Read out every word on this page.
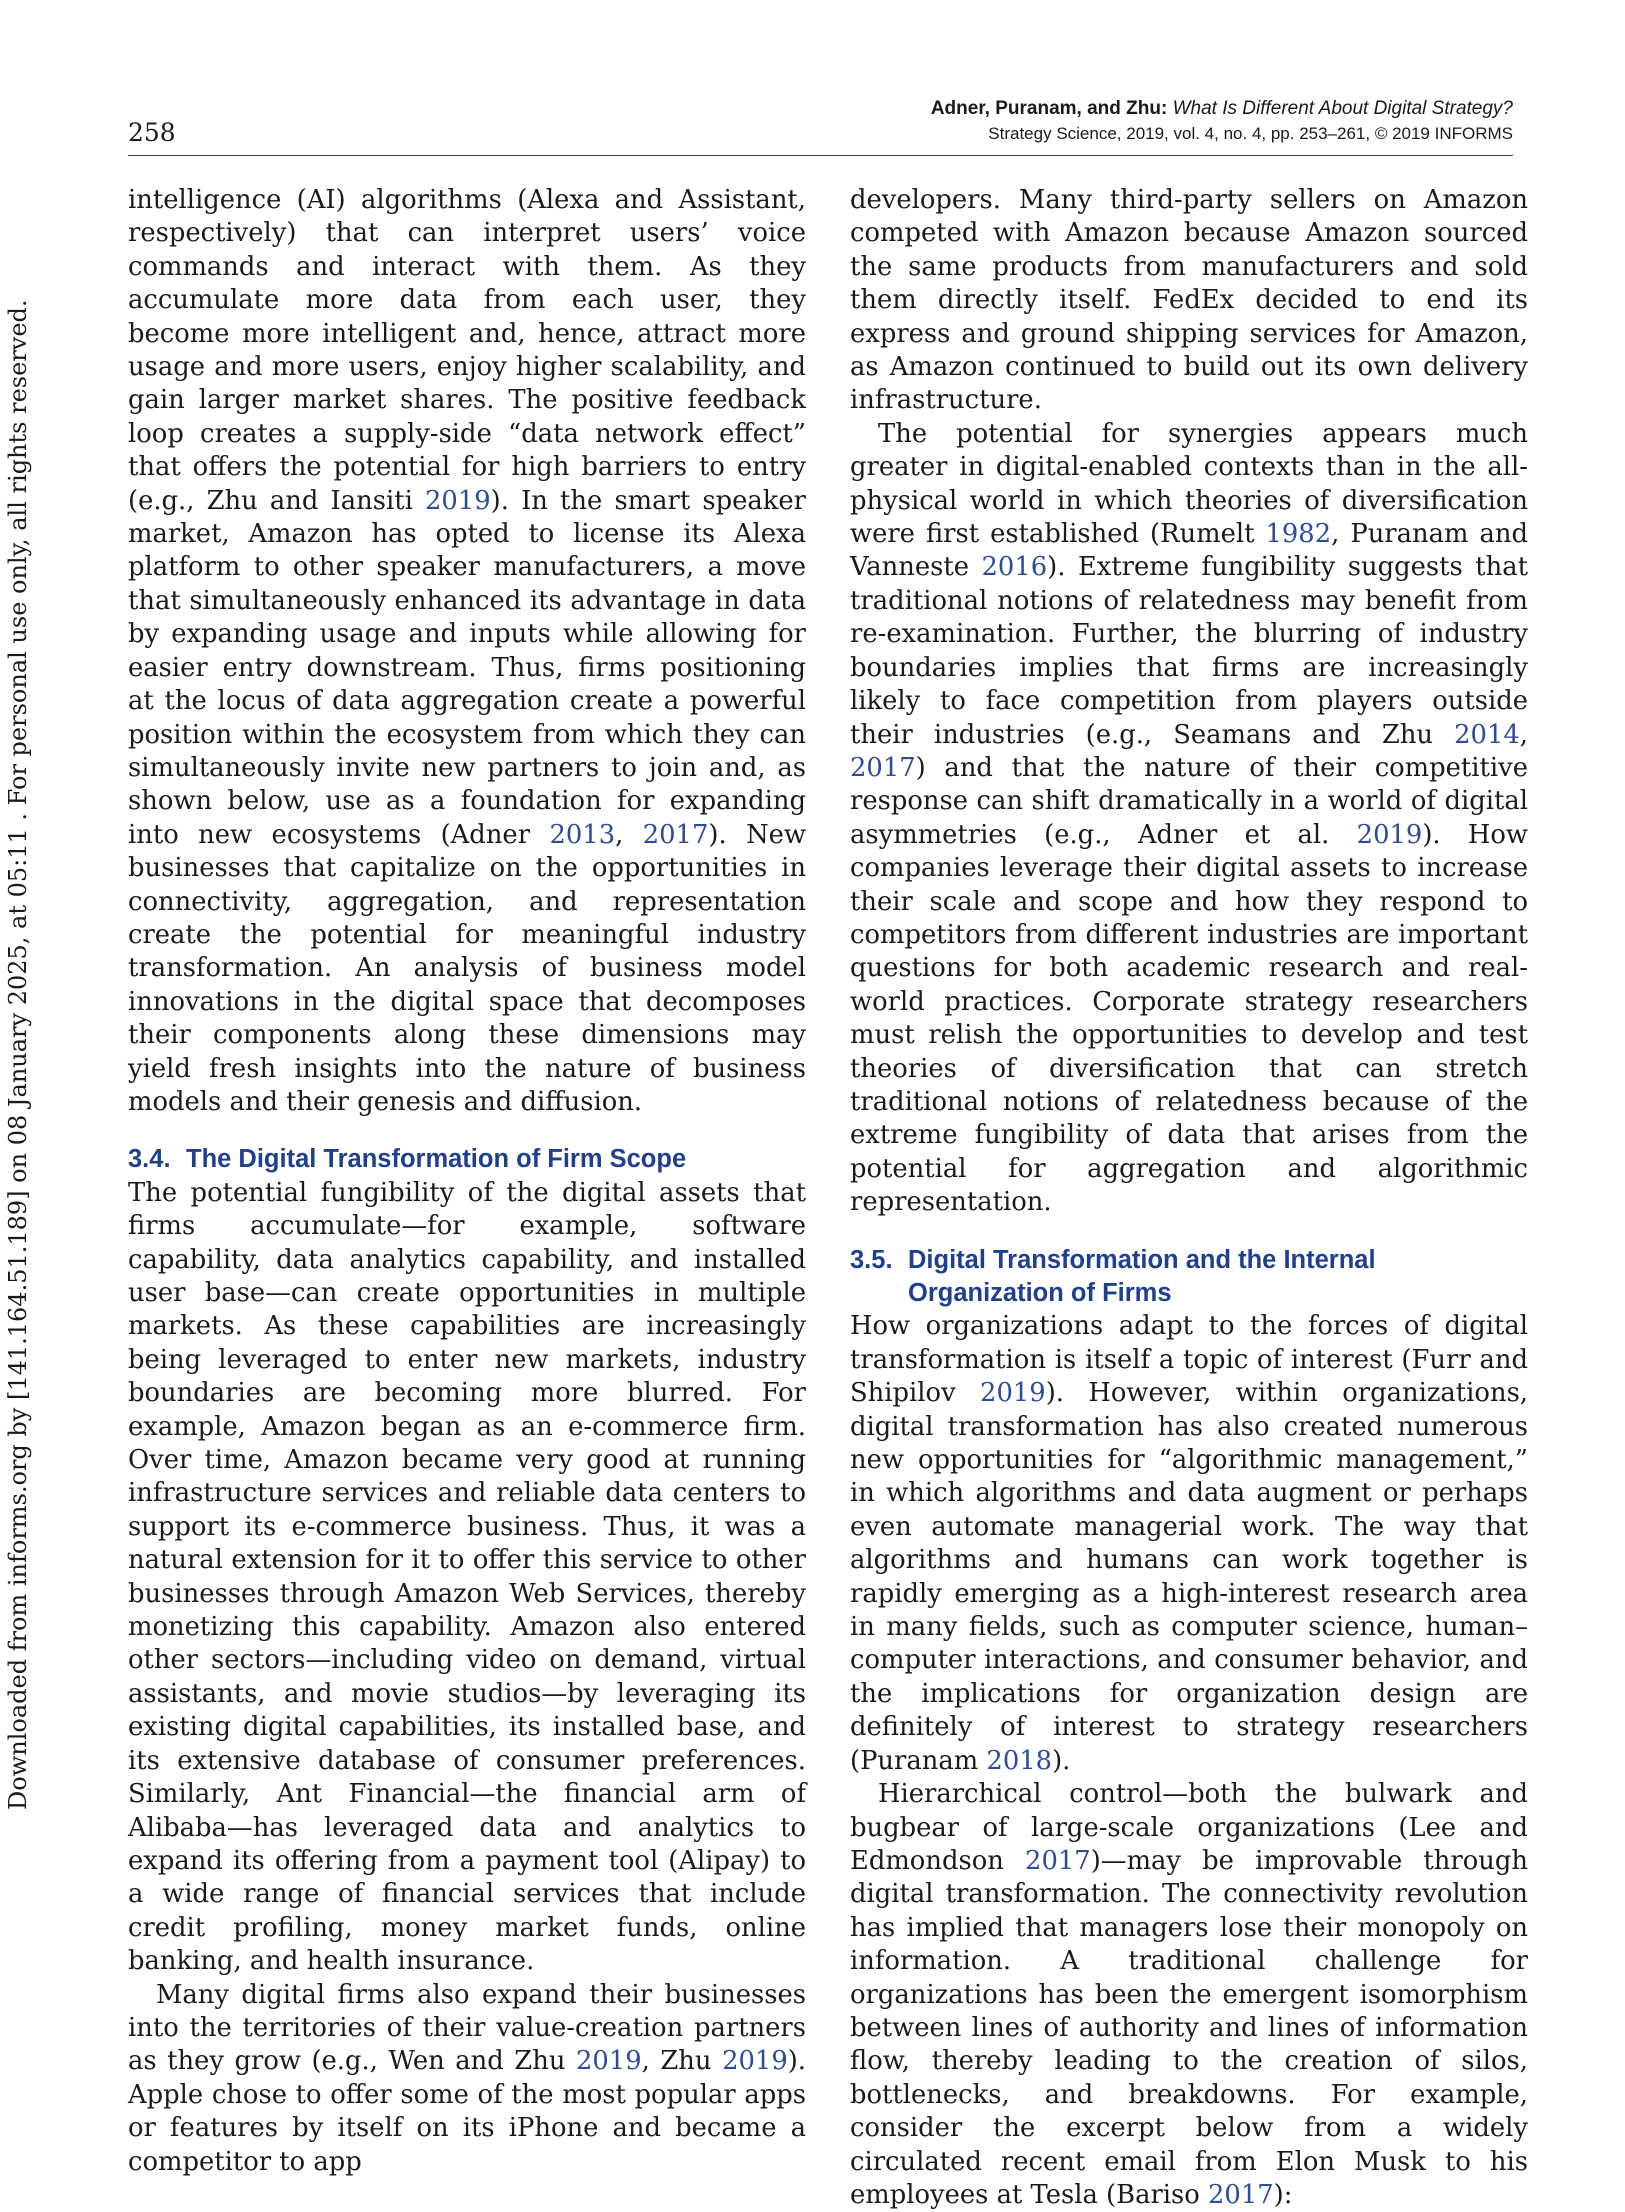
Downloaded from informs.org by [141.164.51.189] on 08 January 2025, at 05:11 . For personal use only, all rights reserved.
258
Adner, Puranam, and Zhu: What Is Different About Digital Strategy?
Strategy Science, 2019, vol. 4, no. 4, pp. 253–261, © 2019 INFORMS

intelligence (AI) algorithms (Alexa and Assistant, respectively) that can interpret users’ voice commands and interact with them. As they accumulate more data from each user, they become more intelligent and, hence, attract more usage and more users, enjoy higher scalability, and gain larger market shares. The positive feedback loop creates a supply-side “data network effect” that offers the potential for high barriers to entry (e.g., Zhu and Iansiti 2019). In the smart speaker market, Amazon has opted to license its Alexa platform to other speaker manufacturers, a move that simultaneously enhanced its advantage in data by expanding usage and inputs while allowing for easier entry downstream. Thus, firms positioning at the locus of data aggregation create a powerful position within the ecosystem from which they can simultaneously invite new partners to join and, as shown below, use as a foundation for expanding into new ecosystems (Adner 2013, 2017). New businesses that capitalize on the opportunities in connectivity, aggregation, and representation create the potential for meaningful industry transformation. An analysis of business model innovations in the digital space that decomposes their components along these dimensions may yield fresh insights into the nature of business models and their genesis and diffusion.

3.4. The Digital Transformation of Firm Scope

The potential fungibility of the digital assets that firms accumulate—for example, software capability, data analytics capability, and installed user base—can create opportunities in multiple markets. As these capabilities are increasingly being leveraged to enter new markets, industry boundaries are becoming more blurred. For example, Amazon began as an e-commerce firm. Over time, Amazon became very good at running infrastructure services and reliable data centers to support its e-commerce business. Thus, it was a natural extension for it to offer this service to other businesses through Amazon Web Services, thereby monetizing this capability. Amazon also entered other sectors—including video on demand, virtual assistants, and movie studios—by leveraging its existing digital capabilities, its installed base, and its extensive database of consumer preferences. Similarly, Ant Financial—the financial arm of Alibaba—has leveraged data and analytics to expand its offering from a payment tool (Alipay) to a wide range of financial services that include credit profiling, money market funds, online banking, and health insurance.

Many digital firms also expand their businesses into the territories of their value-creation partners as they grow (e.g., Wen and Zhu 2019, Zhu 2019). Apple chose to offer some of the most popular apps or features by itself on its iPhone and became a competitor to app

developers. Many third-party sellers on Amazon competed with Amazon because Amazon sourced the same products from manufacturers and sold them directly itself. FedEx decided to end its express and ground shipping services for Amazon, as Amazon continued to build out its own delivery infrastructure.

The potential for synergies appears much greater in digital-enabled contexts than in the all-physical world in which theories of diversification were first established (Rumelt 1982, Puranam and Vanneste 2016). Extreme fungibility suggests that traditional notions of relatedness may benefit from re-examination. Further, the blurring of industry boundaries implies that firms are increasingly likely to face competition from players outside their industries (e.g., Seamans and Zhu 2014, 2017) and that the nature of their competitive response can shift dramatically in a world of digital asymmetries (e.g., Adner et al. 2019). How companies leverage their digital assets to increase their scale and scope and how they respond to competitors from different industries are important questions for both academic research and real-world practices. Corporate strategy researchers must relish the opportunities to develop and test theories of diversification that can stretch traditional notions of relatedness because of the extreme fungibility of data that arises from the potential for aggregation and algorithmic representation.

3.5. Digital Transformation and the Internal
Organization of Firms

How organizations adapt to the forces of digital transformation is itself a topic of interest (Furr and Shipilov 2019). However, within organizations, digital transformation has also created numerous new opportunities for “algorithmic management,” in which algorithms and data augment or perhaps even automate managerial work. The way that algorithms and humans can work together is rapidly emerging as a high-interest research area in many fields, such as computer science, human–computer interactions, and consumer behavior, and the implications for organization design are definitely of interest to strategy researchers (Puranam 2018).

Hierarchical control—both the bulwark and bugbear of large-scale organizations (Lee and Edmondson 2017)—may be improvable through digital transformation. The connectivity revolution has implied that managers lose their monopoly on information. A traditional challenge for organizations has been the emergent isomorphism between lines of authority and lines of information flow, thereby leading to the creation of silos, bottlenecks, and breakdowns. For example, consider the excerpt below from a widely circulated recent email from Elon Musk to his employees at Tesla (Bariso 2017):
